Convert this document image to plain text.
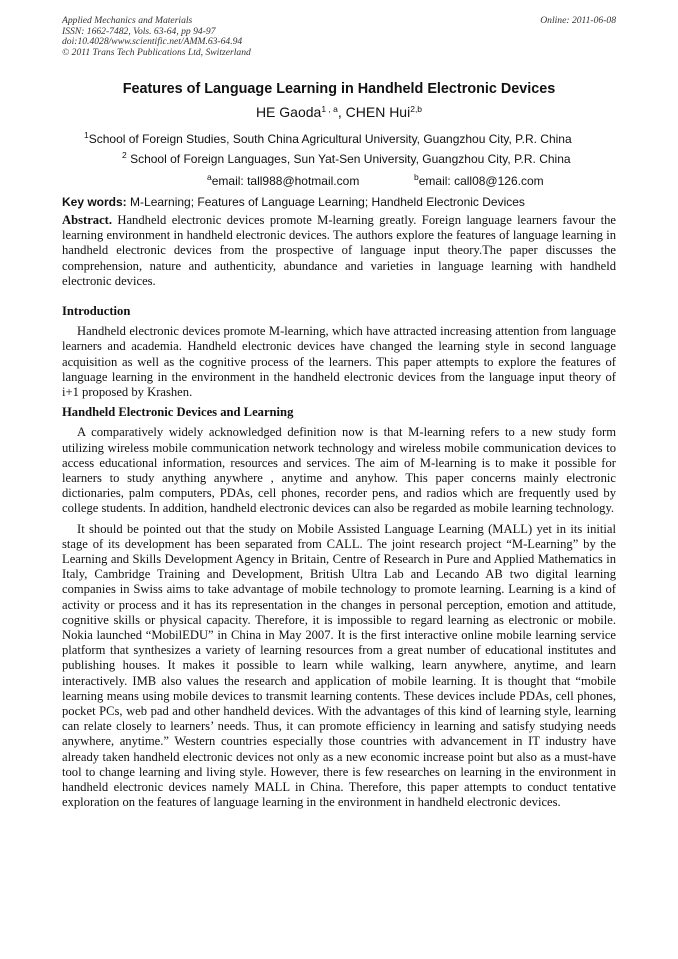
Applied Mechanics and Materials
ISSN: 1662-7482, Vols. 63-64, pp 94-97
doi:10.4028/www.scientific.net/AMM.63-64.94
© 2011 Trans Tech Publications Ltd, Switzerland
Online: 2011-06-08
Features of Language Learning in Handheld Electronic Devices
HE Gaoda$^{1 , a}$, CHEN Hui$^{2,b}$
$^1$School of Foreign Studies, South China Agricultural University, Guangzhou City, P.R. China
$^2$ School of Foreign Languages, Sun Yat-Sen University, Guangzhou City, P.R. China
$^a$email: tall988@hotmail.com	$^b$email: call08@126.com
Key words: M-Learning; Features of Language Learning; Handheld Electronic Devices

Abstract. Handheld electronic devices promote M-learning greatly. Foreign language learners favour the learning environment in handheld electronic devices. The authors explore the features of language learning in handheld electronic devices from the prospective of language input theory.The paper discusses the comprehension, nature and authenticity, abundance and varieties in language learning with handheld electronic devices.

Introduction

Handheld electronic devices promote M-learning, which have attracted increasing attention from language learners and academia. Handheld electronic devices have changed the learning style in second language acquisition as well as the cognitive process of the learners. This paper attempts to explore the features of language learning in the environment in the handheld electronic devices from the language input theory of i+1 proposed by Krashen.

Handheld Electronic Devices and Learning

A comparatively widely acknowledged definition now is that M-learning refers to a new study form utilizing wireless mobile communication network technology and wireless mobile communication devices to access educational information, resources and services. The aim of M-learning is to make it possible for learners to study anything anywhere , anytime and anyhow. This paper concerns mainly electronic dictionaries, palm computers, PDAs, cell phones, recorder pens, and radios which are frequently used by college students. In addition, handheld electronic devices can also be regarded as mobile learning technology.

It should be pointed out that the study on Mobile Assisted Language Learning (MALL) yet in its initial stage of its development has been separated from CALL. The joint research project “M-Learning” by the Learning and Skills Development Agency in Britain, Centre of Research in Pure and Applied Mathematics in Italy, Cambridge Training and Development, British Ultra Lab and Lecando AB two digital learning companies in Swiss aims to take advantage of mobile technology to promote learning. Learning is a kind of activity or process and it has its representation in the changes in personal perception, emotion and attitude, cognitive skills or physical capacity. Therefore, it is impossible to regard learning as electronic or mobile. Nokia launched “MobilEDU” in China in May 2007. It is the first interactive online mobile learning service platform that synthesizes a variety of learning resources from a great number of educational institutes and publishing houses. It makes it possible to learn while walking, learn anywhere, anytime, and learn interactively. IMB also values the research and application of mobile learning. It is thought that “mobile learning means using mobile devices to transmit learning contents. These devices include PDAs, cell phones, pocket PCs, web pad and other handheld devices. With the advantages of this kind of learning style, learning can relate closely to learners’ needs. Thus, it can promote efficiency in learning and satisfy studying needs anywhere, anytime.” Western countries especially those countries with advancement in IT industry have already taken handheld electronic devices not only as a new economic increase point but also as a must-have tool to change learning and living style. However, there is few researches on learning in the environment in handheld electronic devices namely MALL in China. Therefore, this paper attempts to conduct tentative exploration on the features of language learning in the environment in handheld electronic devices.
